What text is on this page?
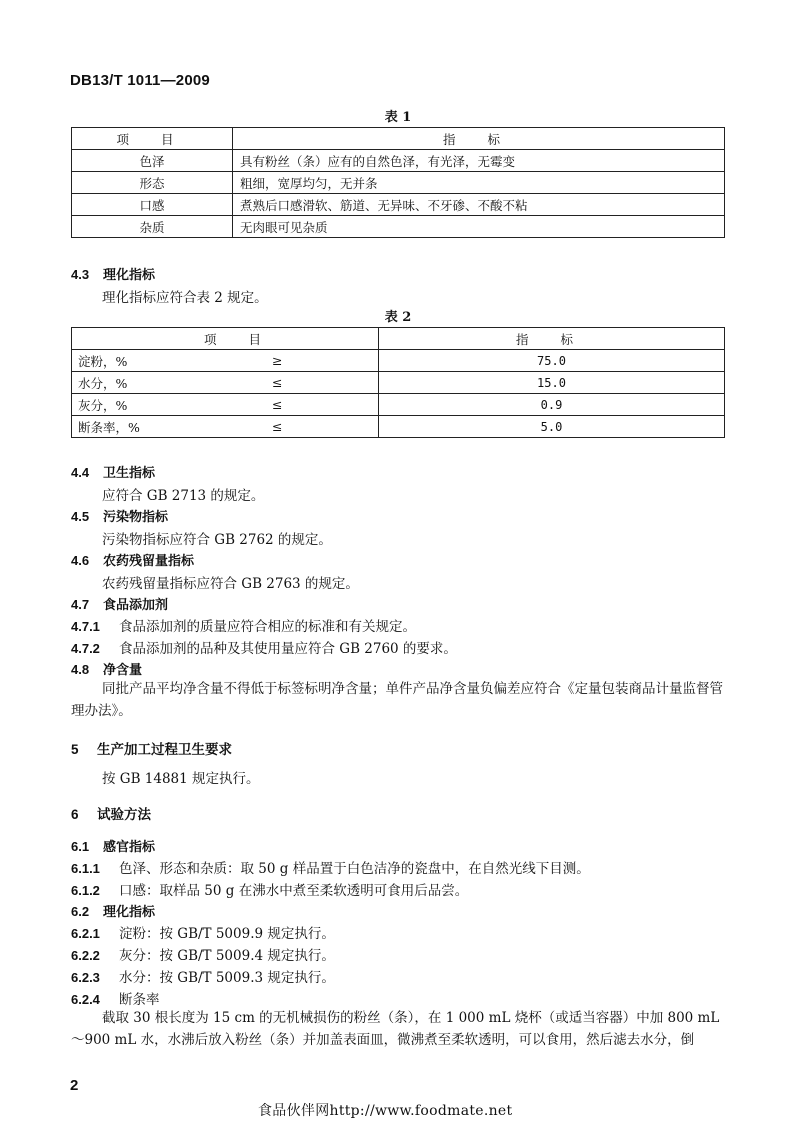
DB13/T 1011—2009
表 1
项 目	指 标
色泽	具有粉丝（条）应有的自然色泽，有光泽，无霉变
形态	粗细，宽厚均匀，无并条
口感	煮熟后口感滑软、筋道、无异味、不牙碜、不酸不粘
杂质	无肉眼可见杂质
4.3 理化指标
理化指标应符合表 2 规定。
表 2
项 目	指 标
淀粉，% ≥	75.0
水分，% ≤	15.0
灰分，% ≤	0.9
断条率，% ≤	5.0
4.4 卫生指标
应符合 GB 2713 的规定。
4.5 污染物指标
污染物指标应符合 GB 2762 的规定。
4.6 农药残留量指标
农药残留量指标应符合 GB 2763 的规定。
4.7 食品添加剂
4.7.1 食品添加剂的质量应符合相应的标准和有关规定。
4.7.2 食品添加剂的品种及其使用量应符合 GB 2760 的要求。
4.8 净含量
同批产品平均净含量不得低于标签标明净含量；单件产品净含量负偏差应符合《定量包装商品计量监督管理办法》。
5 生产加工过程卫生要求
按 GB 14881 规定执行。
6 试验方法
6.1 感官指标
6.1.1 色泽、形态和杂质：取 50 g 样品置于白色洁净的瓷盘中，在自然光线下目测。
6.1.2 口感：取样品 50 g 在沸水中煮至柔软透明可食用后品尝。
6.2 理化指标
6.2.1 淀粉：按 GB/T 5009.9 规定执行。
6.2.2 灰分：按 GB/T 5009.4 规定执行。
6.2.3 水分：按 GB/T 5009.3 规定执行。
6.2.4 断条率
截取 30 根长度为 15 cm 的无机械损伤的粉丝（条），在 1 000 mL 烧杯（或适当容器）中加 800 mL～900 mL 水，水沸后放入粉丝（条）并加盖表面皿，微沸煮至柔软透明，可以食用，然后滤去水分，倒
2
食品伙伴网http://www.foodmate.net
